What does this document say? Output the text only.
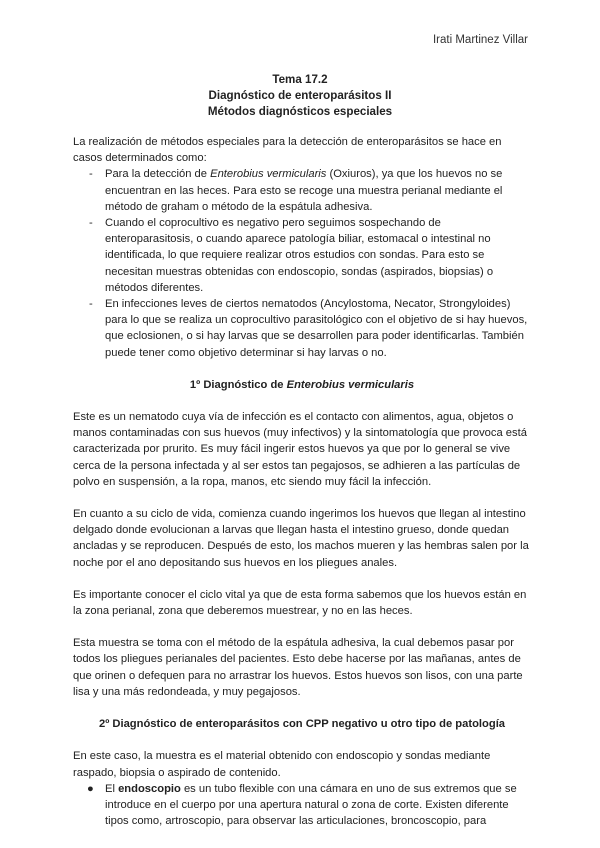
Irati Martinez Villar
Tema 17.2
Diagnóstico de enteroparásitos II
Métodos diagnósticos especiales

La realización de métodos especiales para la detección de enteroparásitos se hace en casos determinados como:

- Para la detección de Enterobius vermicularis (Oxiuros), ya que los huevos no se encuentran en las heces. Para esto se recoge una muestra perianal mediante el método de graham o método de la espátula adhesiva.
- Cuando el coprocultivo es negativo pero seguimos sospechando de enteroparasitosis, o cuando aparece patología biliar, estomacal o intestinal no identificada, lo que requiere realizar otros estudios con sondas. Para esto se necesitan muestras obtenidas con endoscopio, sondas (aspirados, biopsias) o métodos diferentes.
- En infecciones leves de ciertos nematodos (Ancylostoma, Necator, Strongyloides) para lo que se realiza un coprocultivo parasitológico con el objetivo de si hay huevos, que eclosionen, o si hay larvas que se desarrollen para poder identificarlas. También puede tener como objetivo determinar si hay larvas o no.

1º Diagnóstico de Enterobius vermicularis

Este es un nematodo cuya vía de infección es el contacto con alimentos, agua, objetos o manos contaminadas con sus huevos (muy infectivos) y la sintomatología que provoca está caracterizada por prurito. Es muy fácil ingerir estos huevos ya que por lo general se vive cerca de la persona infectada y al ser estos tan pegajosos, se adhieren a las partículas de polvo en suspensión, a la ropa, manos, etc siendo muy fácil la infección.

En cuanto a su ciclo de vida, comienza cuando ingerimos los huevos que llegan al intestino delgado donde evolucionan a larvas que llegan hasta el intestino grueso, donde quedan ancladas y se reproducen. Después de esto, los machos mueren y las hembras salen por la noche por el ano depositando sus huevos en los pliegues anales.

Es importante conocer el ciclo vital ya que de esta forma sabemos que los huevos están en la zona perianal, zona que deberemos muestrear, y no en las heces.

Esta muestra se toma con el método de la espátula adhesiva, la cual debemos pasar por todos los pliegues perianales del pacientes. Esto debe hacerse por las mañanas, antes de que orinen o defequen para no arrastrar los huevos. Estos huevos son lisos, con una parte lisa y una más redondeada, y muy pegajosos.

2º Diagnóstico de enteroparásitos con CPP negativo u otro tipo de patología

En este caso, la muestra es el material obtenido con endoscopio y sondas mediante raspado, biopsia o aspirado de contenido.

● El endoscopio es un tubo flexible con una cámara en uno de sus extremos que se introduce en el cuerpo por una apertura natural o zona de corte. Existen diferente tipos como, artroscopio, para observar las articulaciones, broncoscopio, para
